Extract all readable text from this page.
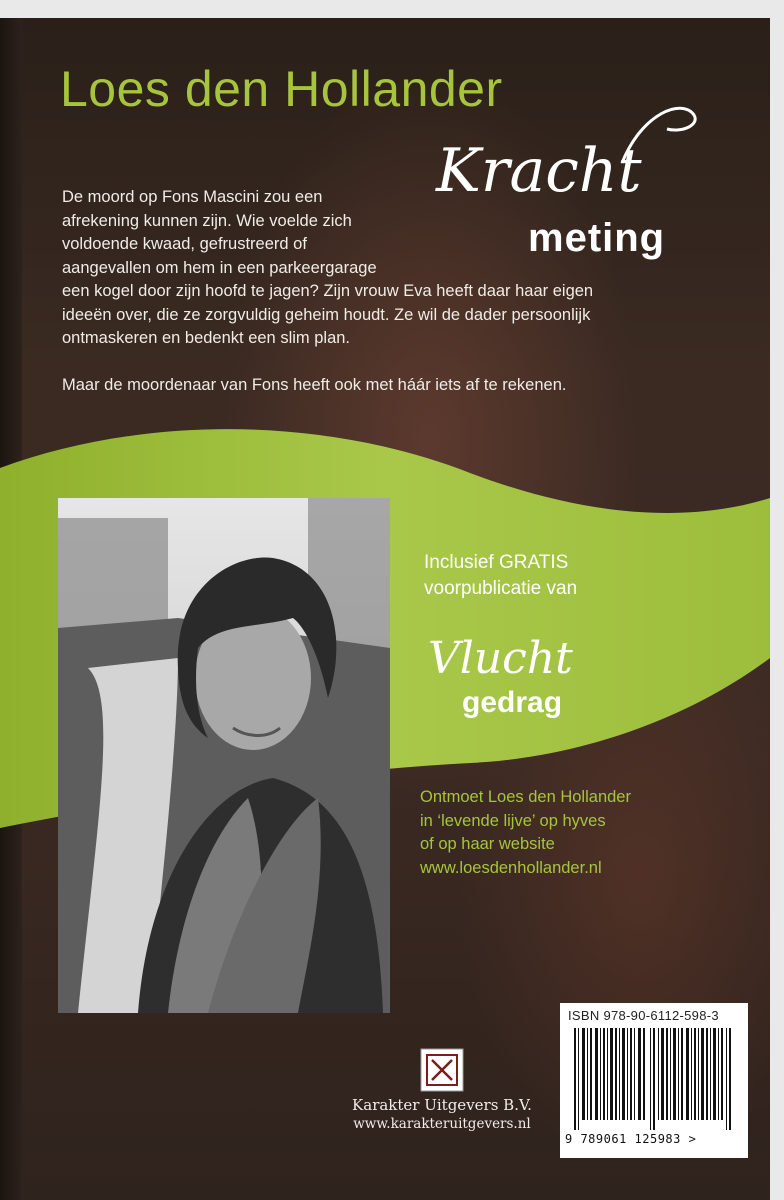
Loes den Hollander
Kracht
meting

De moord op Fons Mascini zou een
afrekening kunnen zijn. Wie voelde zich
voldoende kwaad, gefrustreerd of
aangevallen om hem in een parkeergarage
een kogel door zijn hoofd te jagen? Zijn vrouw Eva heeft daar haar eigen
ideeën over, die ze zorgvuldig geheim houdt. Ze wil de dader persoonlijk
ontmaskeren en bedenkt een slim plan.

Maar de moordenaar van Fons heeft ook met háár iets af te rekenen.

Inclusief GRATIS
voorpublicatie van
Vlucht
gedrag
Ontmoet Loes den Hollander
in ‘levende lijve’ op hyves
of op haar website
www.loesdenhollander.nl
Karakter Uitgevers B.V.
www.karakteruitgevers.nl
ISBN 978-90-6112-598-3
9 789061 125983 >
